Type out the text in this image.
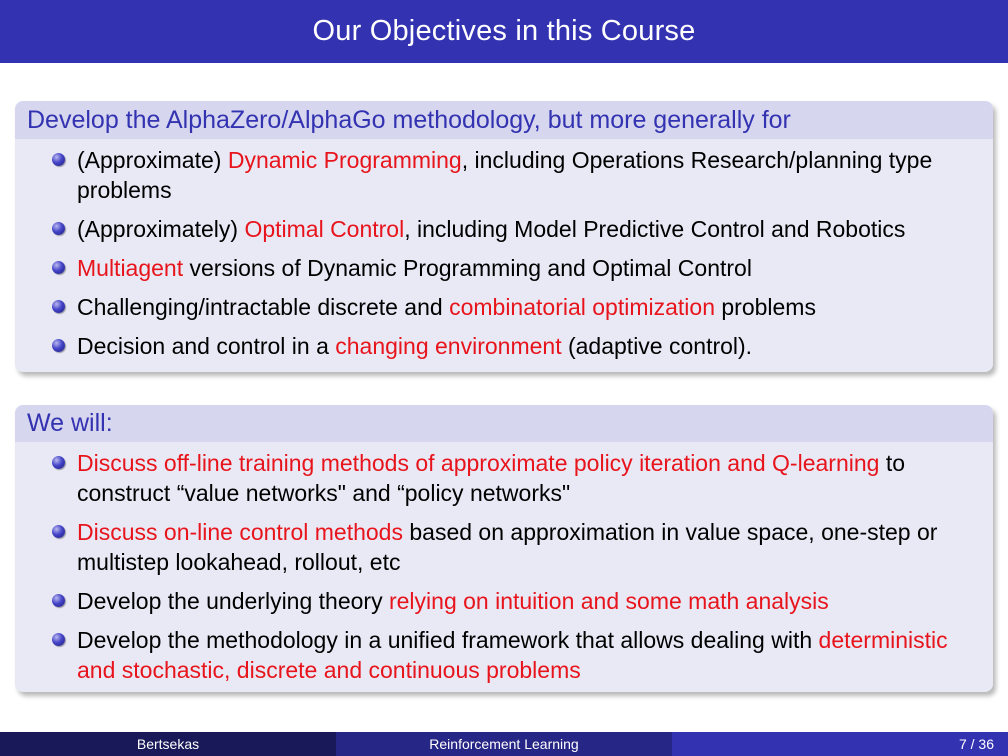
Our Objectives in this Course
Develop the AlphaZero/AlphaGo methodology, but more generally for
(Approximate) Dynamic Programming, including Operations Research/planning type problems
(Approximately) Optimal Control, including Model Predictive Control and Robotics
Multiagent versions of Dynamic Programming and Optimal Control
Challenging/intractable discrete and combinatorial optimization problems
Decision and control in a changing environment (adaptive control).
We will:
Discuss off-line training methods of approximate policy iteration and Q-learning to construct “value networks" and “policy networks"
Discuss on-line control methods based on approximation in value space, one-step or multistep lookahead, rollout, etc
Develop the underlying theory relying on intuition and some math analysis
Develop the methodology in a unified framework that allows dealing with deterministic and stochastic, discrete and continuous problems
Bertsekas	Reinforcement Learning	7 / 36
